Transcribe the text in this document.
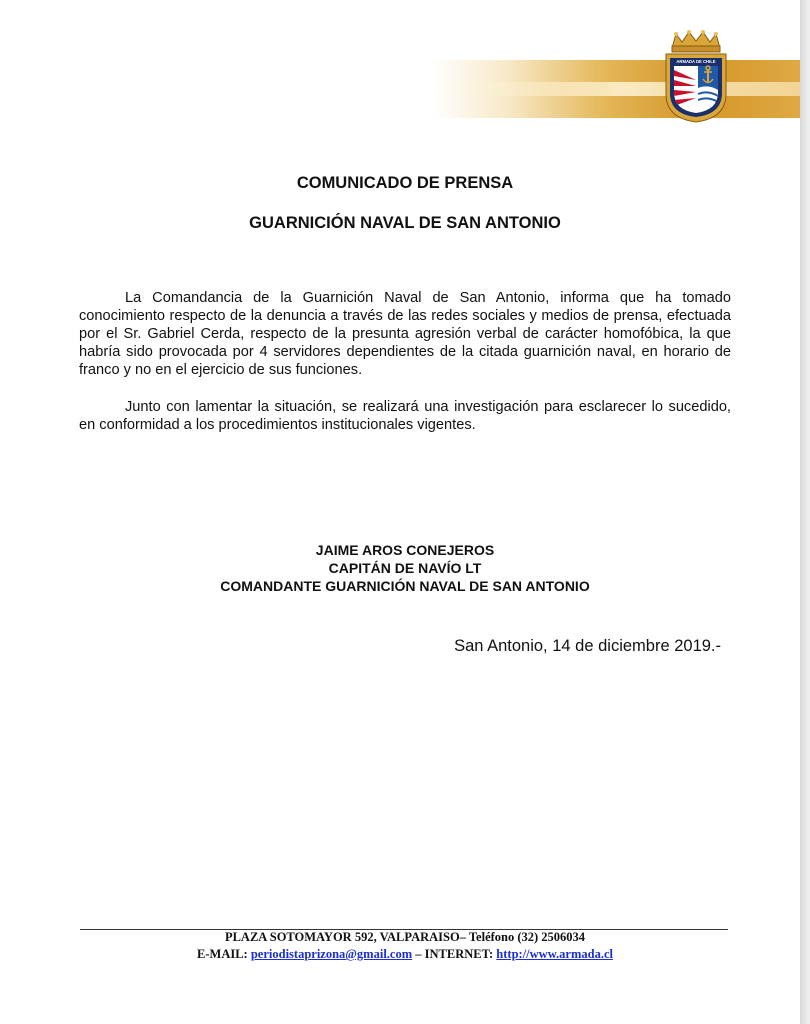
ARMADA DE CHILE
COMUNICADO DE PRENSA
GUARNICIÓN NAVAL DE SAN ANTONIO

La Comandancia de la Guarnición Naval de San Antonio, informa que ha tomado conocimiento respecto de la denuncia a través de las redes sociales y medios de prensa, efectuada por el Sr. Gabriel Cerda, respecto de la presunta agresión verbal de carácter homofóbica, la que habría sido provocada por 4 servidores dependientes de la citada guarnición naval, en horario de franco y no en el ejercicio de sus funciones.

Junto con lamentar la situación, se realizará una investigación para esclarecer lo sucedido, en conformidad a los procedimientos institucionales vigentes.

JAIME AROS CONEJEROS
CAPITÁN DE NAVÍO LT
COMANDANTE GUARNICIÓN NAVAL DE SAN ANTONIO
San Antonio, 14 de diciembre 2019.-
PLAZA SOTOMAYOR 592, VALPARAISO– Teléfono (32) 2506034
E-MAIL: periodistaprizona@gmail.com – INTERNET: http://www.armada.cl
